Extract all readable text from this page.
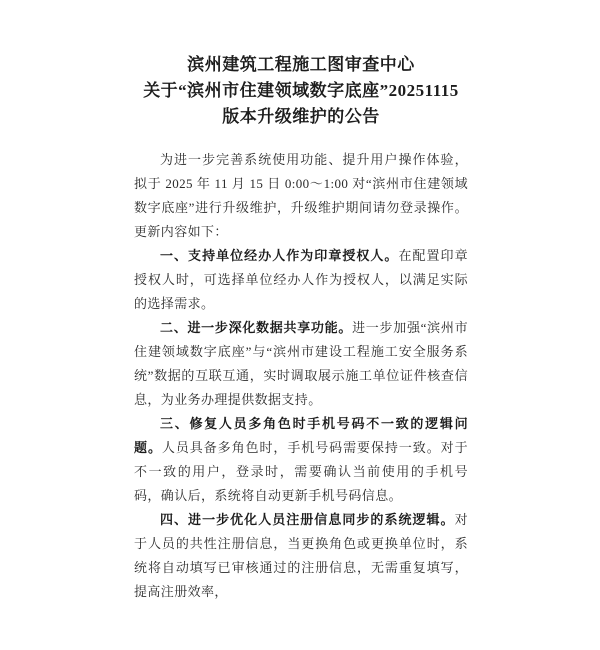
滨州建筑工程施工图审查中心
关于“滨州市住建领域数字底座”20251115
版本升级维护的公告

为进一步完善系统使用功能、提升用户操作体验，拟于 2025 年 11 月 15 日 0:00～1:00 对“滨州市住建领域数字底座”进行升级维护，升级维护期间请勿登录操作。更新内容如下：

一、支持单位经办人作为印章授权人。在配置印章授权人时，可选择单位经办人作为授权人，以满足实际的选择需求。

二、进一步深化数据共享功能。进一步加强“滨州市住建领域数字底座”与“滨州市建设工程施工安全服务系统”数据的互联互通，实时调取展示施工单位证件核查信息，为业务办理提供数据支持。

三、修复人员多角色时手机号码不一致的逻辑问题。人员具备多角色时，手机号码需要保持一致。对于不一致的用户，登录时，需要确认当前使用的手机号码，确认后，系统将自动更新手机号码信息。

四、进一步优化人员注册信息同步的系统逻辑。对于人员的共性注册信息，当更换角色或更换单位时，系统将自动填写已审核通过的注册信息，无需重复填写，提高注册效率，
